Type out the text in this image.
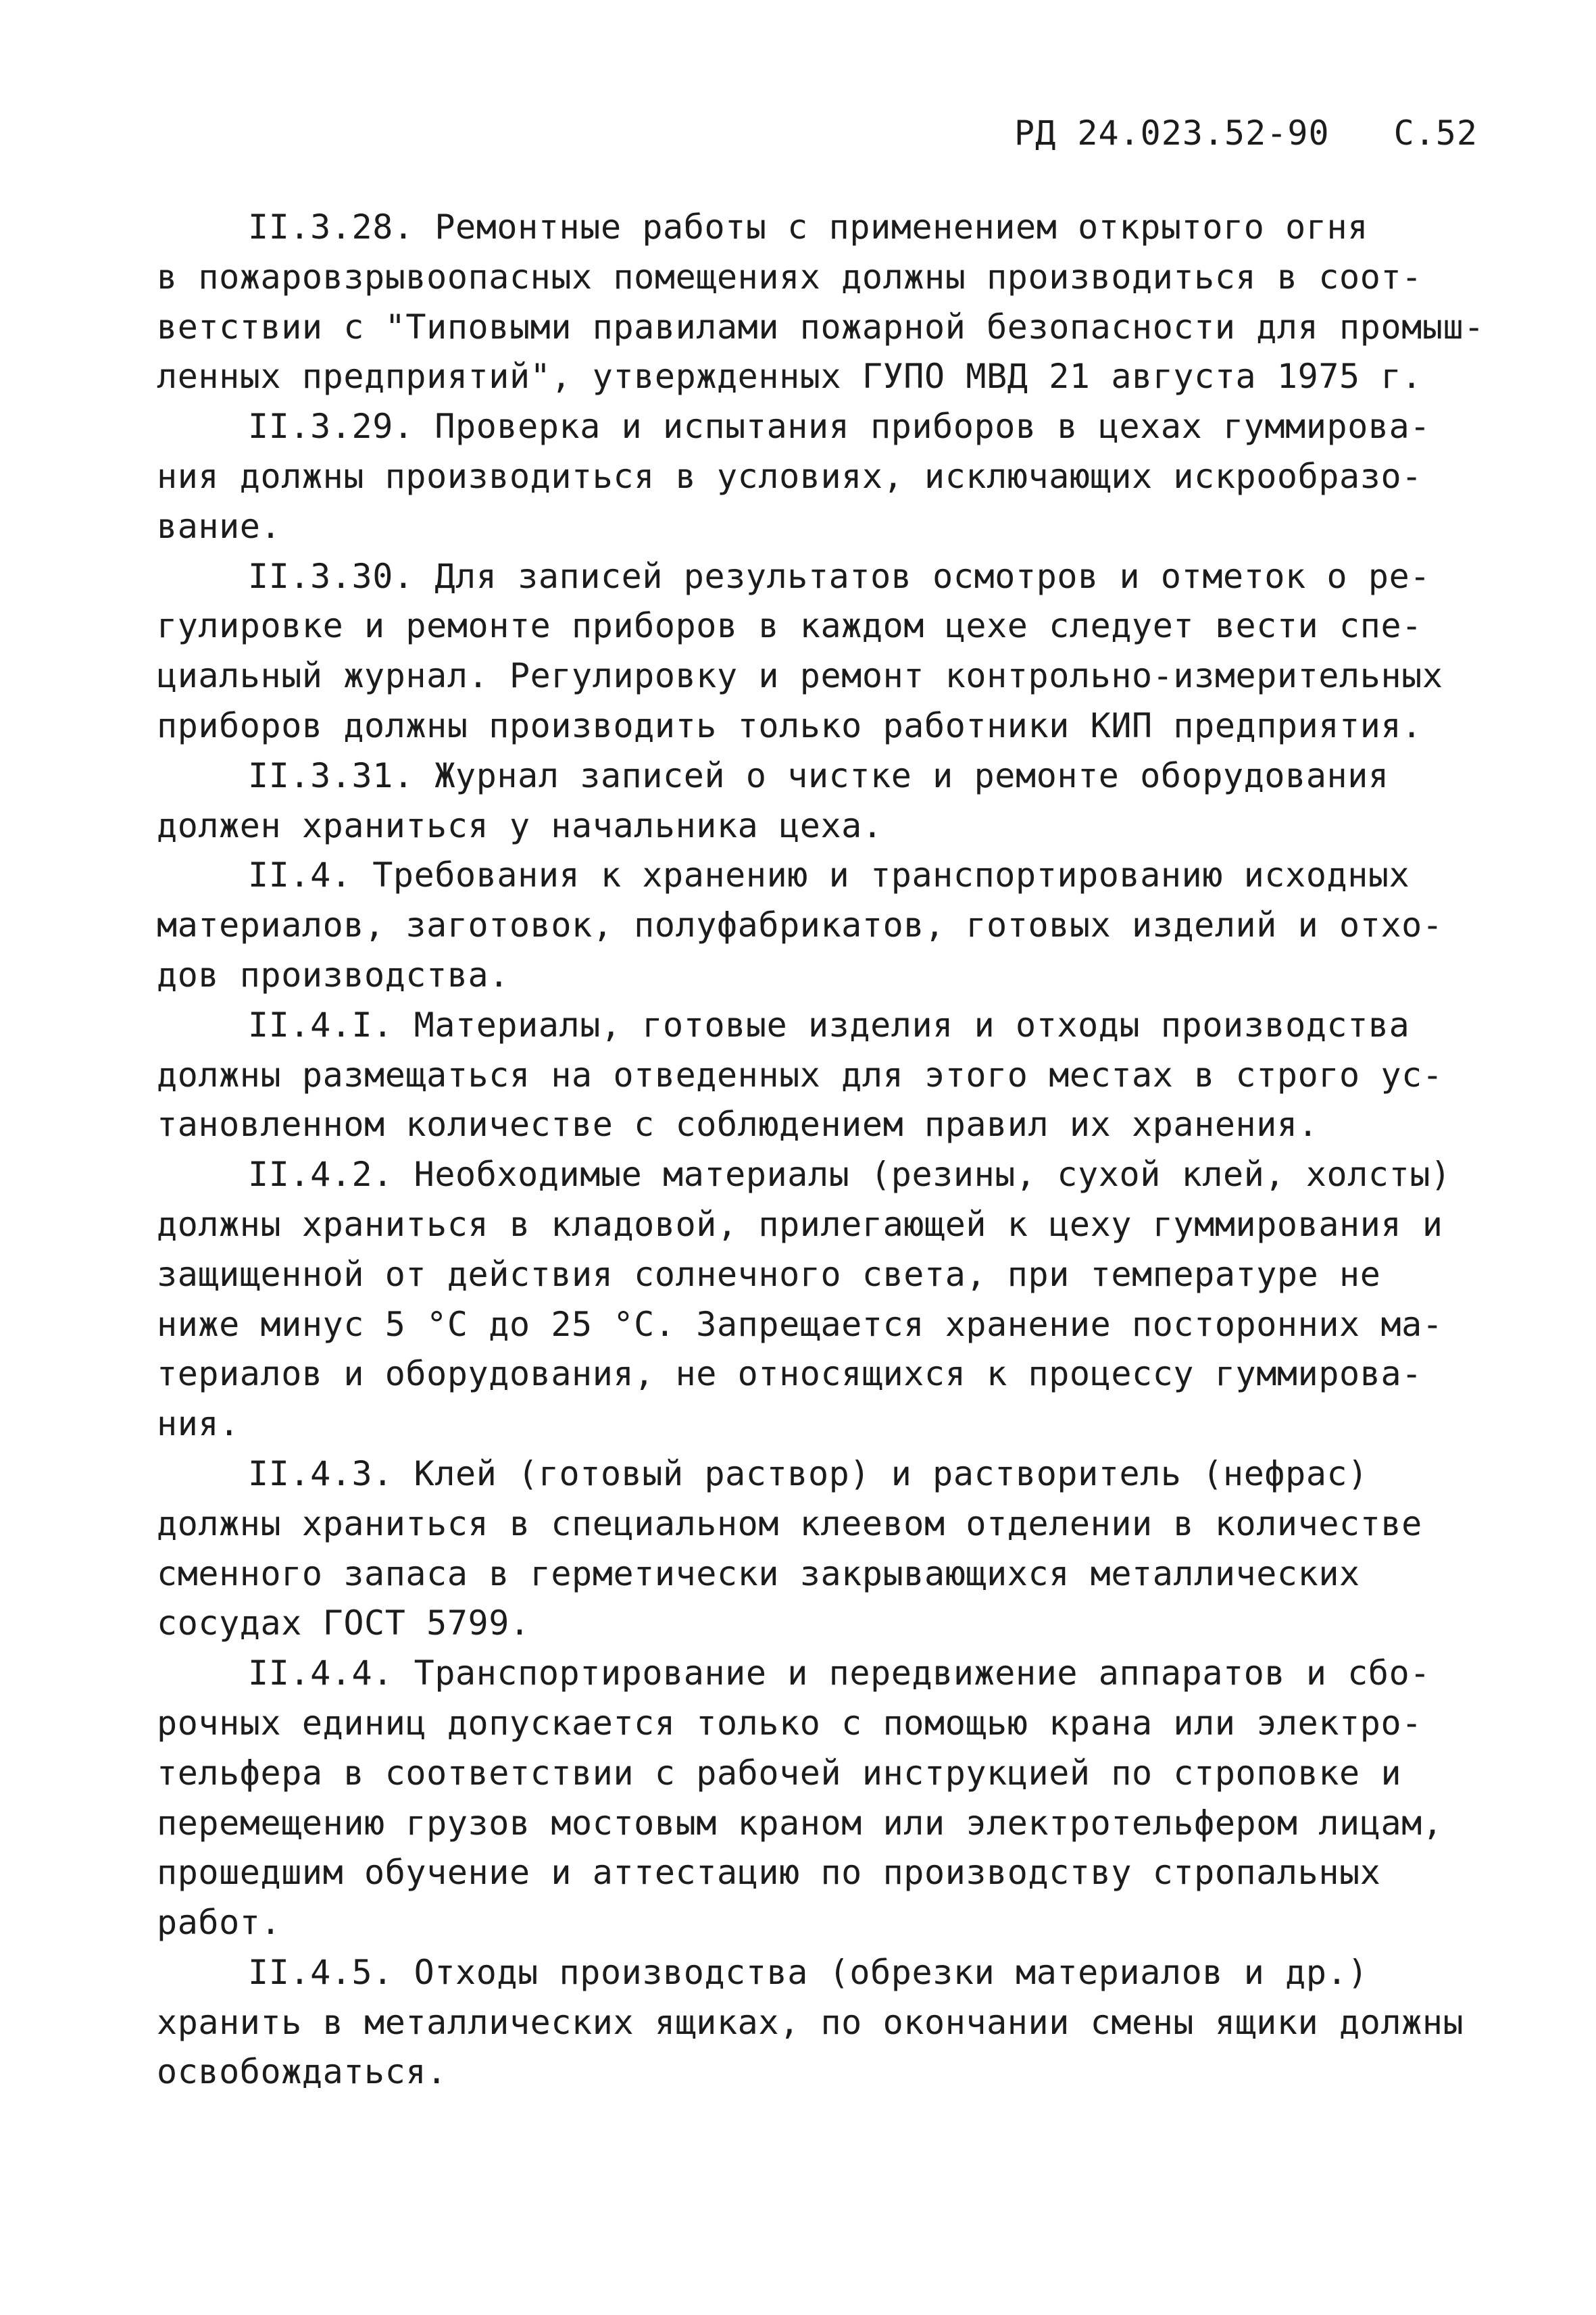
РД 24.023.52-90 С.52
II.3.28. Ремонтные работы с применением открытого огня
в пожаровзрывоопасных помещениях должны производиться в соот-
ветствии с "Типовыми правилами пожарной безопасности для промыш-
ленных предприятий", утвержденных ГУПО МВД 21 августа 1975 г.
II.3.29. Проверка и испытания приборов в цехах гуммирова-
ния должны производиться в условиях, исключающих искрообразо-
вание.
II.3.30. Для записей результатов осмотров и отметок о ре-
гулировке и ремонте приборов в каждом цехе следует вести спе-
циальный журнал. Регулировку и ремонт контрольно-измерительных
приборов должны производить только работники КИП предприятия.
II.3.31. Журнал записей о чистке и ремонте оборудования
должен храниться у начальника цеха.
II.4. Требования к хранению и транспортированию исходных
материалов, заготовок, полуфабрикатов, готовых изделий и отхо-
дов производства.
II.4.I. Материалы, готовые изделия и отходы производства
должны размещаться на отведенных для этого местах в строго ус-
тановленном количестве с соблюдением правил их хранения.
II.4.2. Необходимые материалы (резины, сухой клей, холсты)
должны храниться в кладовой, прилегающей к цеху гуммирования и
защищенной от действия солнечного света, при температуре не
ниже минус 5 °С до 25 °С. Запрещается хранение посторонних ма-
териалов и оборудования, не относящихся к процессу гуммирова-
ния.
II.4.3. Клей (готовый раствор) и растворитель (нефрас)
должны храниться в специальном клеевом отделении в количестве
сменного запаса в герметически закрывающихся металлических
сосудах ГОСТ 5799.
II.4.4. Транспортирование и передвижение аппаратов и сбо-
рочных единиц допускается только с помощью крана или электро-
тельфера в соответствии с рабочей инструкцией по строповке и
перемещению грузов мостовым краном или электротельфером лицам,
прошедшим обучение и аттестацию по производству стропальных
работ.
II.4.5. Отходы производства (обрезки материалов и др.)
хранить в металлических ящиках, по окончании смены ящики должны
освобождаться.
